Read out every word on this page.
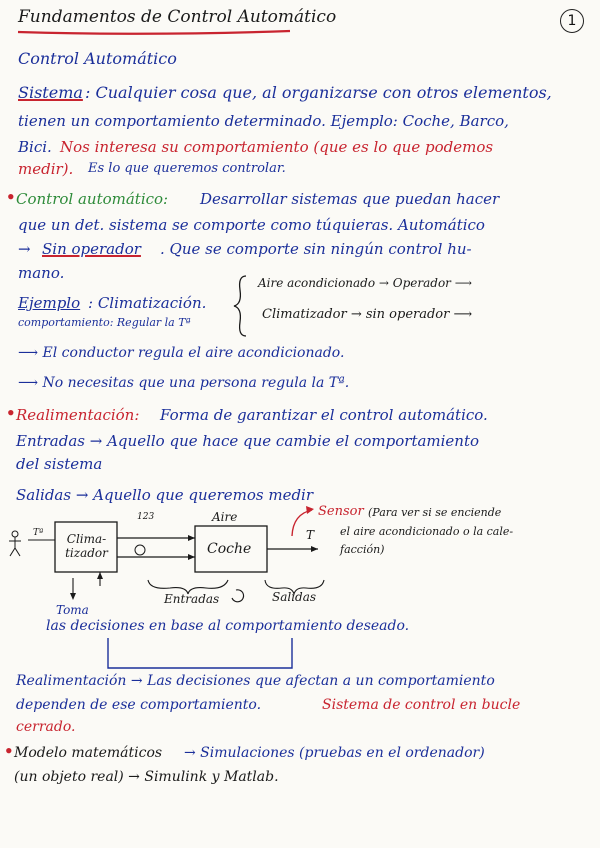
1
Fundamentos de Control Automático
Control Automático
Sistema : Cualquier cosa que, al organizarse con otros elementos,
tienen un comportamiento determinado. Ejemplo: Coche, Barco,
Bici. Nos interesa su comportamiento (que es lo que podemos
medir). Es lo que queremos controlar.
• Control automático: Desarrollar sistemas que puedan hacer
que un det. sistema se comporte como túquieras. Automático
→ Sin operador . Que se comporte sin ningún control hu-
mano.
Ejemplo : Climatización.
comportamiento: Regular la Tª
Aire acondicionado → Operador ⟶
Climatizador → sin operador ⟶
⟶ El conductor regula el aire acondicionado.
⟶ No necesitas que una persona regula la Tª.
• Realimentación: Forma de garantizar el control automático.
Entradas → Aquello que hace que cambie el comportamiento
del sistema
Salidas → Aquello que queremos medir
Tª	Clima- tizador
123	Aire
Coche
T
Sensor (Para ver si se enciende
el aire acondicionado o la cale-
facción)
Entradas	Salidas
Toma
las decisiones en base al comportamiento deseado.
Realimentación → Las decisiones que afectan a un comportamiento
dependen de ese comportamiento.	Sistema de control en bucle
cerrado.
• Modelo matemáticos → Simulaciones (pruebas en el ordenador)
(un objeto real) → Simulink y Matlab.
